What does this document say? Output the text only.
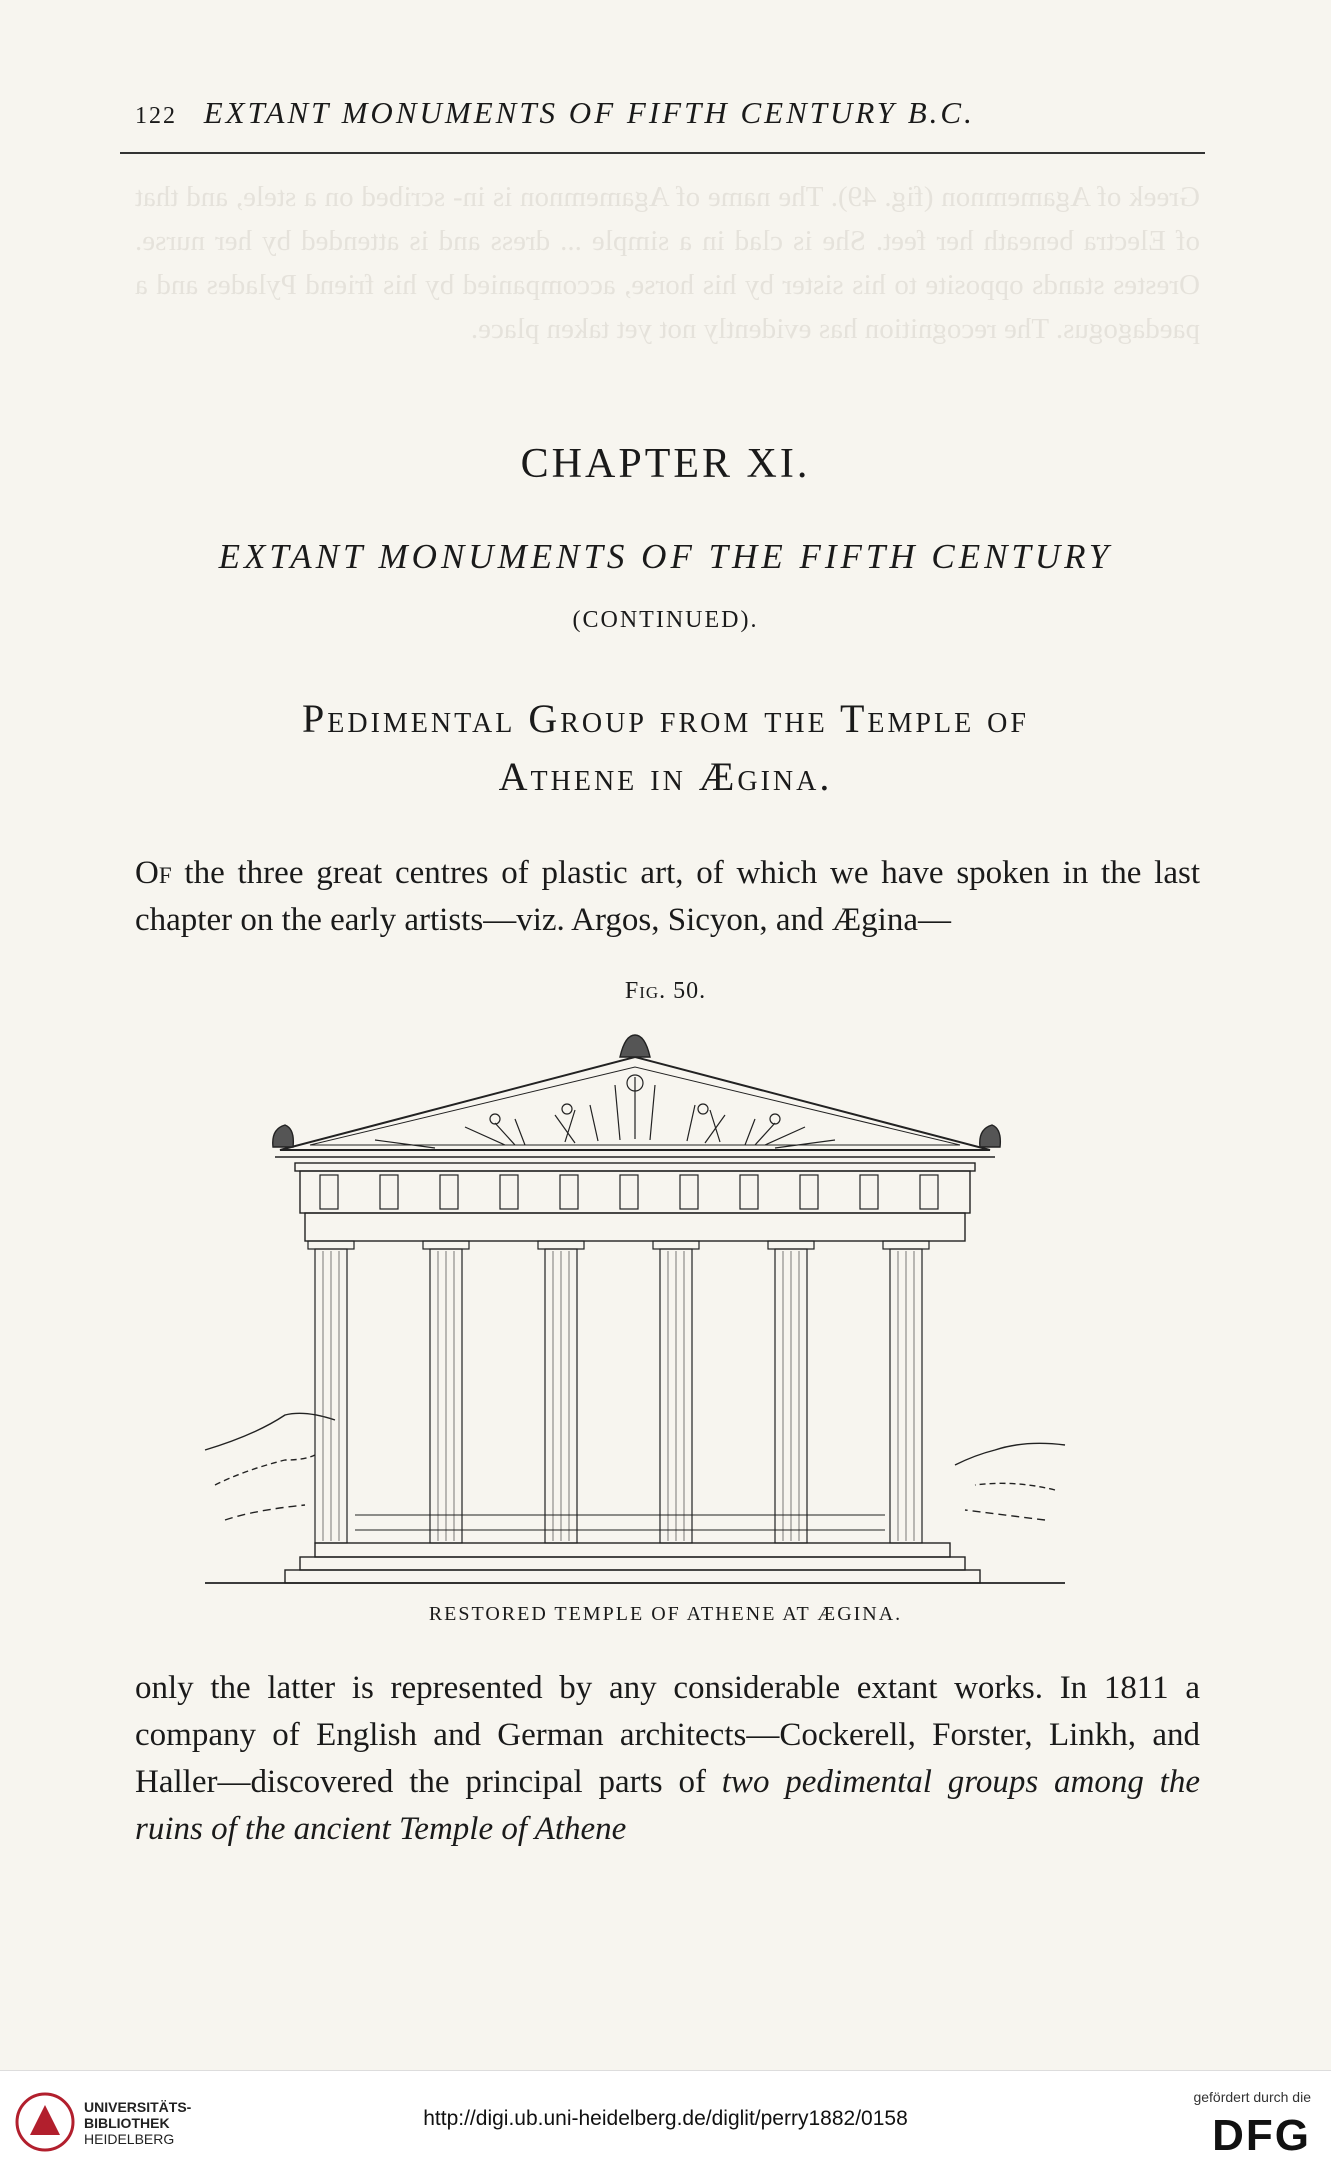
122 EXTANT MONUMENTS OF FIFTH CENTURY B.C.
Greek of Agamemnon (fig. 49). The name of Agamemnon is in- scribed on a stele, and that of Electra beneath her feet. She is clad in a simple ... dress and is attended by her nurse. Orestes stands opposite to his sister by his horse, accompanied by his friend Pylades and a paedagogus. The recognition has evidently not yet taken place.
CHAPTER XI.
EXTANT MONUMENTS OF THE FIFTH CENTURY
(CONTINUED).
Pedimental Group from the Temple of
Athene in Ægina.
Of the three great centres of plastic art, of which we have spoken in the last chapter on the early artists—viz. Argos, Sicyon, and Ægina—
Fig. 50.
RESTORED TEMPLE OF ATHENE AT ÆGINA.
only the latter is represented by any considerable extant works. In 1811 a company of English and German architects—Cockerell, Forster, Linkh, and Haller—discovered the principal parts of two pedimental groups among the ruins of the ancient Temple of Athene
UNIVERSITÄTS-
BIBLIOTHEK
HEIDELBERG
http://digi.ub.uni-heidelberg.de/diglit/perry1882/0158
gefördert durch die
DFG
